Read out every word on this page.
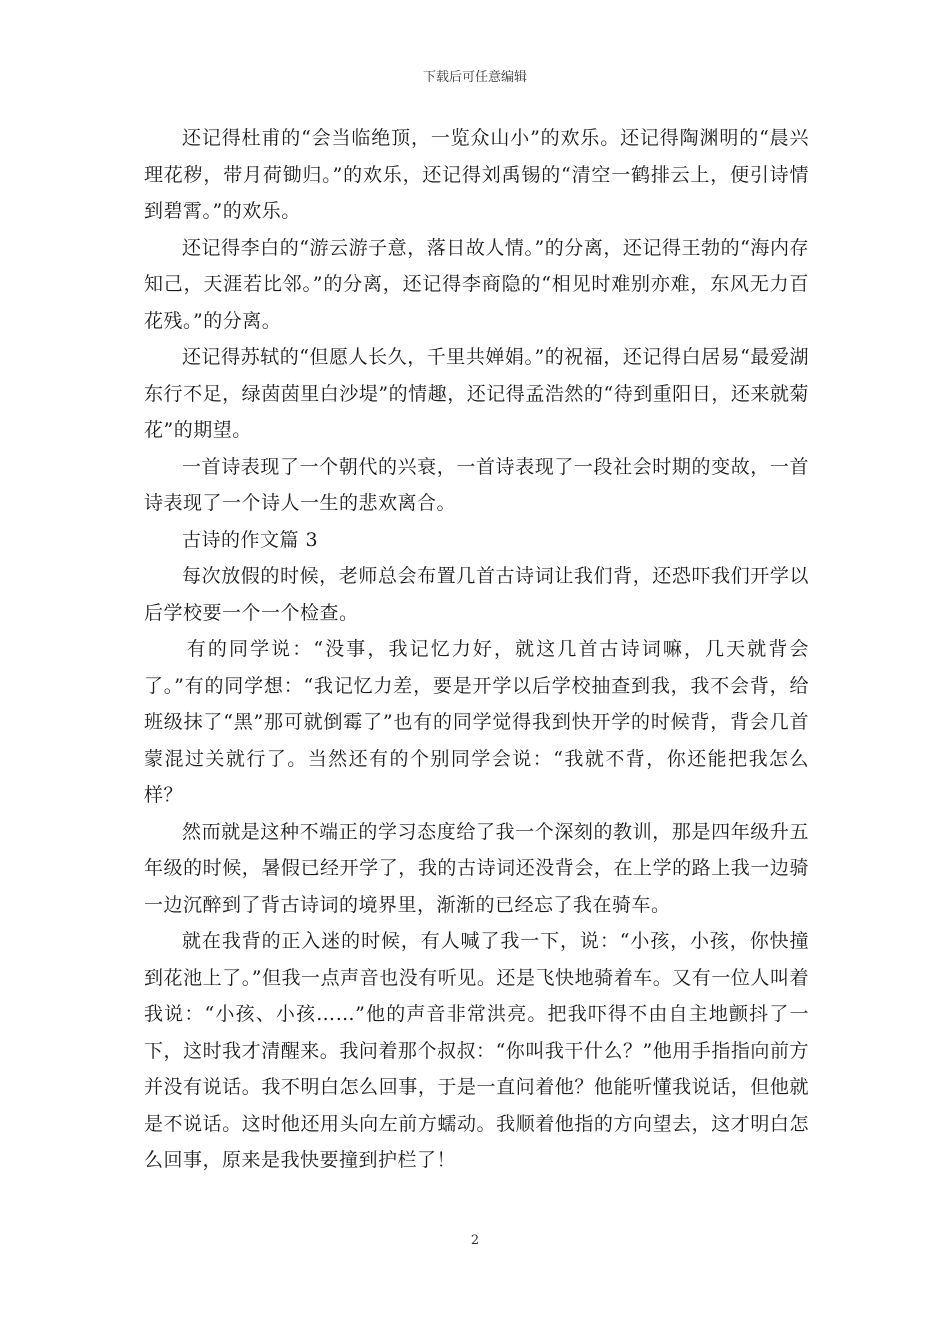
下载后可任意编辑

还记得杜甫的“会当临绝顶，一览众山小”的欢乐。还记得陶渊明的“晨兴理花秽，带月荷锄归。”的欢乐，还记得刘禹锡的“清空一鹤排云上，便引诗情到碧霄。”的欢乐。

还记得李白的“游云游子意，落日故人情。”的分离，还记得王勃的“海内存知己，天涯若比邻。”的分离，还记得李商隐的“相见时难别亦难，东风无力百花残。”的分离。

还记得苏轼的“但愿人长久，千里共婵娟。”的祝福，还记得白居易“最爱湖东行不足，绿茵茵里白沙堤”的情趣，还记得孟浩然的“待到重阳日，还来就菊花”的期望。

一首诗表现了一个朝代的兴衰，一首诗表现了一段社会时期的变故，一首诗表现了一个诗人一生的悲欢离合。

古诗的作文篇 3

每次放假的时候，老师总会布置几首古诗词让我们背，还恐吓我们开学以后学校要一个一个检查。

有的同学说：“没事，我记忆力好，就这几首古诗词嘛，几天就背会了。”有的同学想：“我记忆力差，要是开学以后学校抽查到我，我不会背，给班级抹了“黑”那可就倒霉了”也有的同学觉得我到快开学的时候背，背会几首蒙混过关就行了。当然还有的个别同学会说：“我就不背，你还能把我怎么样？

然而就是这种不端正的学习态度给了我一个深刻的教训，那是四年级升五年级的时候，暑假已经开学了，我的古诗词还没背会，在上学的路上我一边骑一边沉醉到了背古诗词的境界里，渐渐的已经忘了我在骑车。

就在我背的正入迷的时候，有人喊了我一下，说：“小孩，小孩，你快撞到花池上了。”但我一点声音也没有听见。还是飞快地骑着车。又有一位人叫着我说：“小孩、小孩……”他的声音非常洪亮。把我吓得不由自主地颤抖了一下，这时我才清醒来。我问着那个叔叔：“你叫我干什么？”他用手指指向前方并没有说话。我不明白怎么回事，于是一直问着他？他能听懂我说话，但他就是不说话。这时他还用头向左前方蠕动。我顺着他指的方向望去，这才明白怎么回事，原来是我快要撞到护栏了！

2
